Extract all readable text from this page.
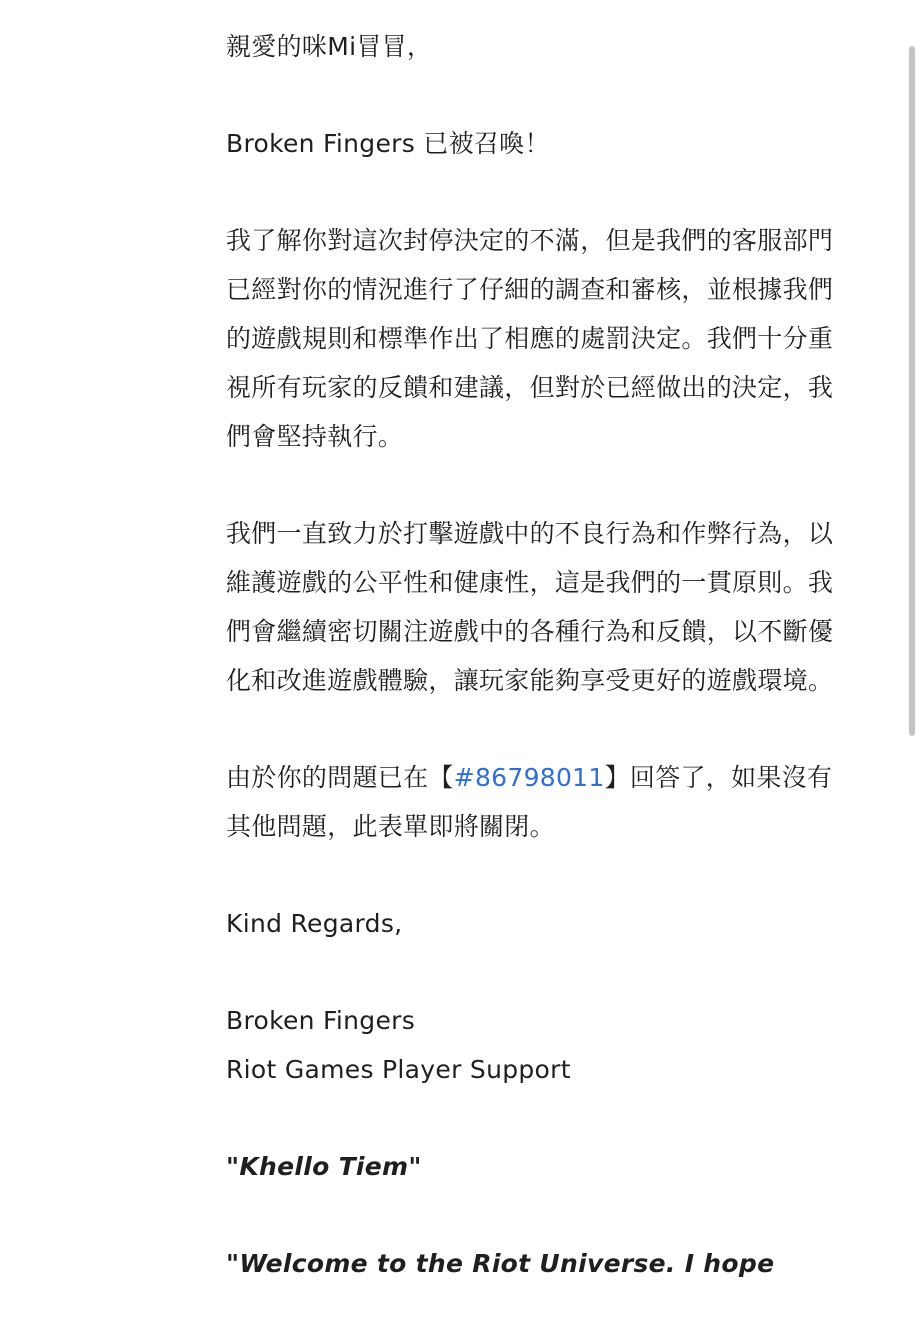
親愛的咪Mi冒冒，

Broken Fingers 已被召喚！

我了解你對這次封停決定的不滿，但是我們的客服部門已經對你的情況進行了仔細的調查和審核，並根據我們的遊戲規則和標準作出了相應的處罰決定。我們十分重視所有玩家的反饋和建議，但對於已經做出的決定，我們會堅持執行。

我們一直致力於打擊遊戲中的不良行為和作弊行為，以維護遊戲的公平性和健康性，這是我們的一貫原則。我們會繼續密切關注遊戲中的各種行為和反饋，以不斷優化和改進遊戲體驗，讓玩家能夠享受更好的遊戲環境。

由於你的問題已在【#86798011】回答了，如果沒有其他問題，此表單即將關閉。

Kind Regards,

Broken Fingers
Riot Games Player Support

"Khello Tiem"

"Welcome to the Riot Universe. I hope
